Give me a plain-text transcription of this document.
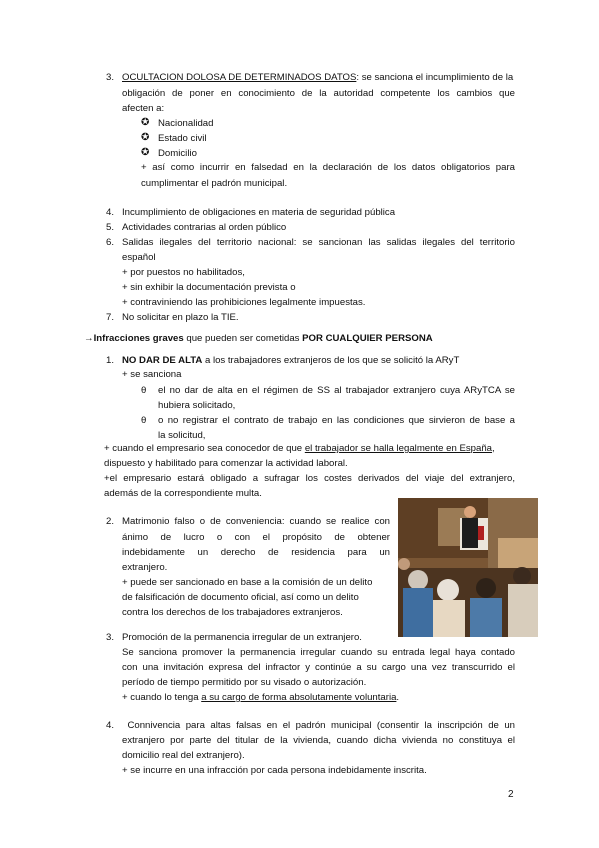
3. OCULTACION DOLOSA DE DETERMINADOS DATOS: se sanciona el incumplimiento de la
obligación de poner en conocimiento de la autoridad competente los cambios que
afecten a:
✪ Nacionalidad
✪ Estado civil
✪ Domicilio
+ así como incurrir en falsedad en la declaración de los datos obligatorios para
cumplimentar el padrón municipal.
4. Incumplimiento de obligaciones en materia de seguridad pública
5. Actividades contrarias al orden público
6. Salidas ilegales del territorio nacional: se sancionan las salidas ilegales del territorio
español
+ por puestos no habilitados,
+ sin exhibir la documentación prevista o
+ contraviniendo las prohibiciones legalmente impuestas.
7. No solicitar en plazo la TIE.
→Infracciones graves que pueden ser cometidas POR CUALQUIER PERSONA
1. NO DAR DE ALTA a los trabajadores extranjeros de los que se solicitó la ARyT
+ se sanciona
θ el no dar de alta en el régimen de SS al trabajador extranjero cuya ARyTCA se
hubiera solicitado,
θ o no registrar el contrato de trabajo en las condiciones que sirvieron de base a
la solicitud,
+ cuando el empresario sea conocedor de que el trabajador se halla legalmente en España,
dispuesto y habilitado para comenzar la actividad laboral.
+el empresario estará obligado a sufragar los costes derivados del viaje del extranjero,
además de la correspondiente multa.
2. Matrimonio falso o de conveniencia: cuando se realice con
ánimo de lucro o con el propósito de obtener
indebidamente un derecho de residencia para un
extranjero.
+ puede ser sancionado en base a la comisión de un delito
de falsificación de documento oficial, así como un delito
contra los derechos de los trabajadores extranjeros.
3. Promoción de la permanencia irregular de un extranjero.
Se sanciona promover la permanencia irregular cuando su entrada legal haya contado
con una invitación expresa del infractor y continúe a su cargo una vez transcurrido el
período de tiempo permitido por su visado o autorización.
+ cuando lo tenga a su cargo de forma absolutamente voluntaria.
4. Connivencia para altas falsas en el padrón municipal (consentir la inscripción de un
extranjero por parte del titular de la vivienda, cuando dicha vivienda no constituya el
domicilio real del extranjero).
+ se incurre en una infracción por cada persona indebidamente inscrita.
2
